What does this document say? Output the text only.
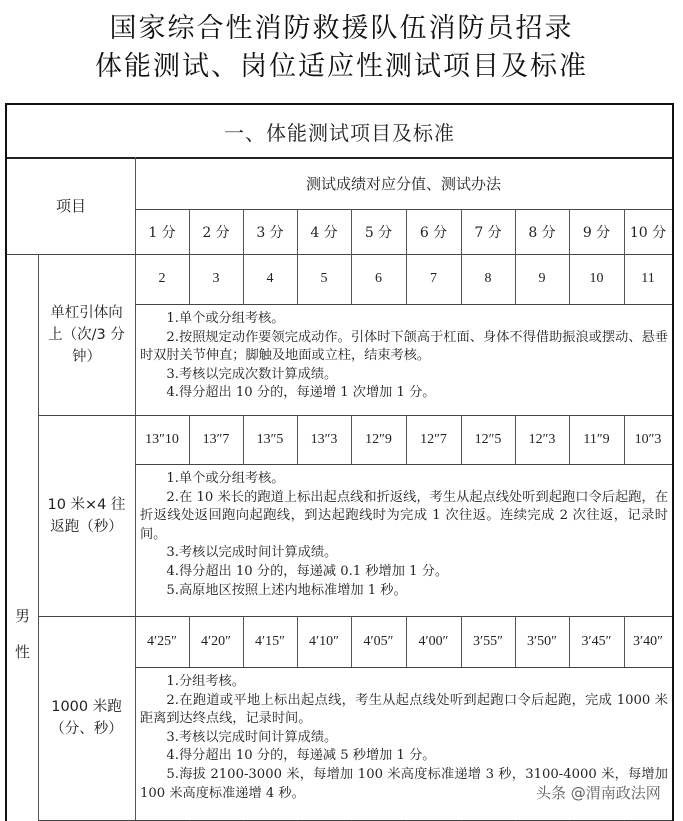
国家综合性消防救援队伍消防员招录
体能测试、岗位适应性测试项目及标准
一、体能测试项目及标准
项目
测试成绩对应分值、测试办法
1 分	2 分	3 分	4 分	5 分	6 分	7 分	8 分	9 分	10 分
男
性
单杠引体向
上（次/3 分
钟）
2	3	4	5	6	7	8	9	10	11

1.单个或分组考核。

2.按照规定动作要领完成动作。引体时下颌高于杠面、身体不得借助振浪或摆动、悬垂时双肘关节伸直；脚触及地面或立柱，结束考核。

3.考核以完成次数计算成绩。

4.得分超出 10 分的，每递增 1 次增加 1 分。

10 米×4 往
返跑（秒）
13″10	13″7	13″5	13″3	12″9	12″7	12″5	12″3	11″9	10″3

1.单个或分组考核。

2.在 10 米长的跑道上标出起点线和折返线，考生从起点线处听到起跑口令后起跑，在折返线处返回跑向起跑线，到达起跑线时为完成 1 次往返。连续完成 2 次往返，记录时间。

3.考核以完成时间计算成绩。

4.得分超出 10 分的，每递减 0.1 秒增加 1 分。

5.高原地区按照上述内地标准增加 1 秒。

1000 米跑
（分、秒）
4′25″	4′20″	4′15″	4′10″	4′05″	4′00″	3′55″	3′50″	3′45″	3′40″

1.分组考核。

2.在跑道或平地上标出起点线，考生从起点线处听到起跑口令后起跑，完成 1000 米距离到达终点线，记录时间。

3.考核以完成时间计算成绩。

4.得分超出 10 分的，每递减 5 秒增加 1 分。

5.海拔 2100-3000 米，每增加 100 米高度标准递增 3 秒，3100-4000 米，每增加 100 米高度标准递增 4 秒。	头条 @渭南政法网
